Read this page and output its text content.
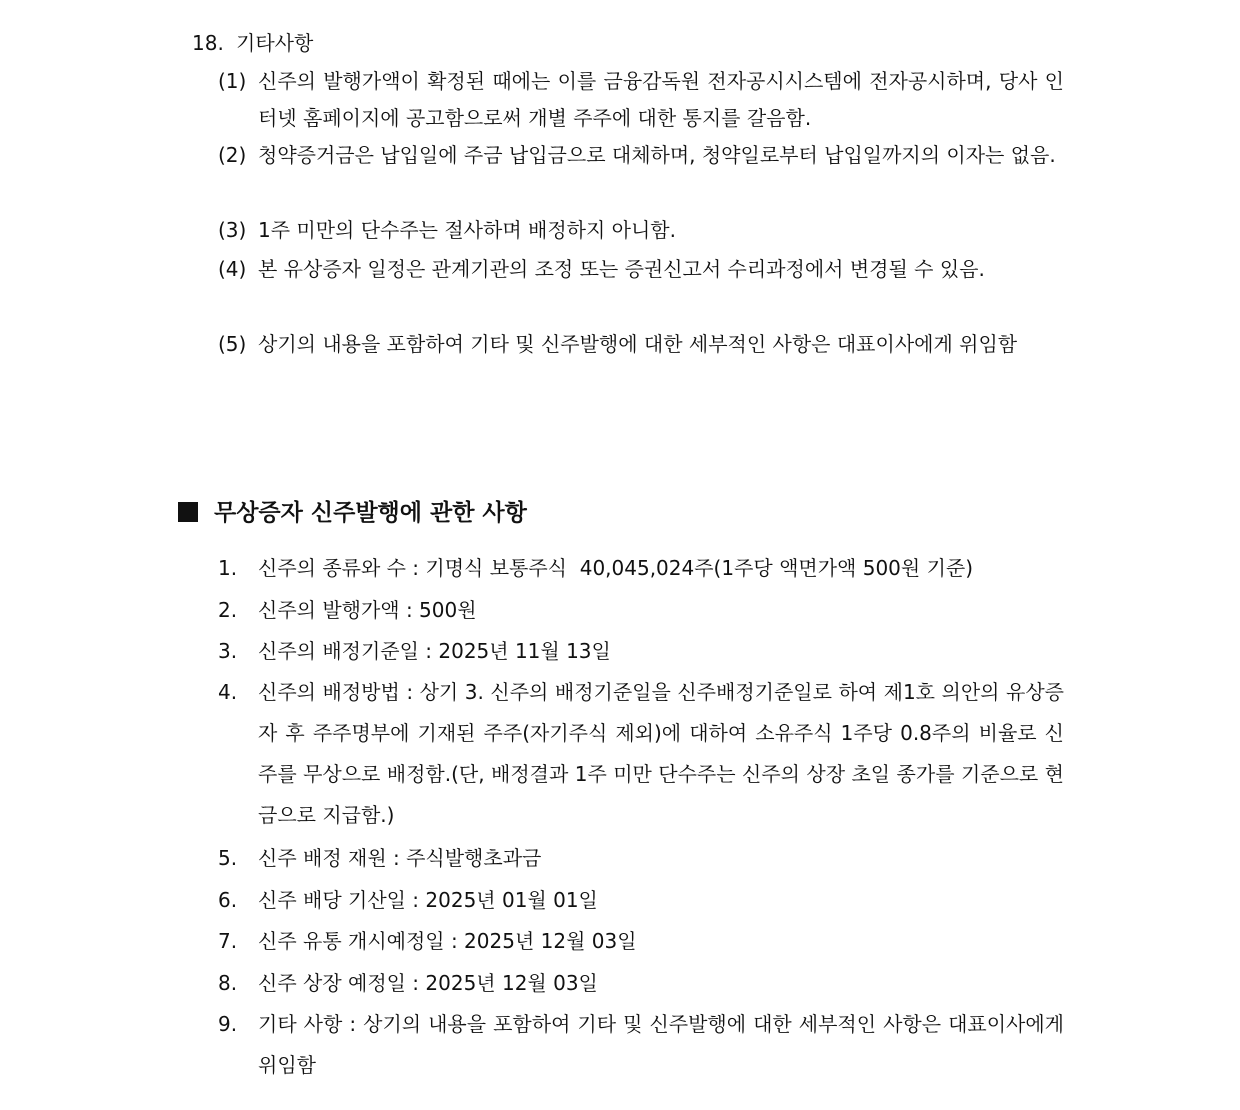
18. 기타사항
(1) 신주의 발행가액이 확정된 때에는 이를 금융감독원 전자공시시스템에 전자공시하며, 당사 인터넷 홈페이지에 공고함으로써 개별 주주에 대한 통지를 갈음함.
(2) 청약증거금은 납입일에 주금 납입금으로 대체하며, 청약일로부터 납입일까지의 이자는 없음.
(3) 1주 미만의 단수주는 절사하며 배정하지 아니함.
(4) 본 유상증자 일정은 관계기관의 조정 또는 증권신고서 수리과정에서 변경될 수 있음.
(5) 상기의 내용을 포함하여 기타 및 신주발행에 대한 세부적인 사항은 대표이사에게 위임함
무상증자 신주발행에 관한 사항
1.	신주의 종류와 수 : 기명식 보통주식  40,045,024주(1주당 액면가액 500원 기준)
2.	신주의 발행가액 : 500원
3.	신주의 배정기준일 : 2025년 11월 13일
4.	신주의 배정방법 : 상기 3. 신주의 배정기준일을 신주배정기준일로 하여 제1호 의안의 유상증자 후 주주명부에 기재된 주주(자기주식 제외)에 대하여 소유주식 1주당 0.8주의 비율로 신주를 무상으로 배정함.(단, 배정결과 1주 미만 단수주는 신주의 상장 초일 종가를 기준으로 현금으로 지급함.)
5.	신주 배정 재원 : 주식발행초과금
6.	신주 배당 기산일 : 2025년 01월 01일
7.	신주 유통 개시예정일 : 2025년 12월 03일
8.	신주 상장 예정일 : 2025년 12월 03일
9.	기타 사항 : 상기의 내용을 포함하여 기타 및 신주발행에 대한 세부적인 사항은 대표이사에게 위임함
